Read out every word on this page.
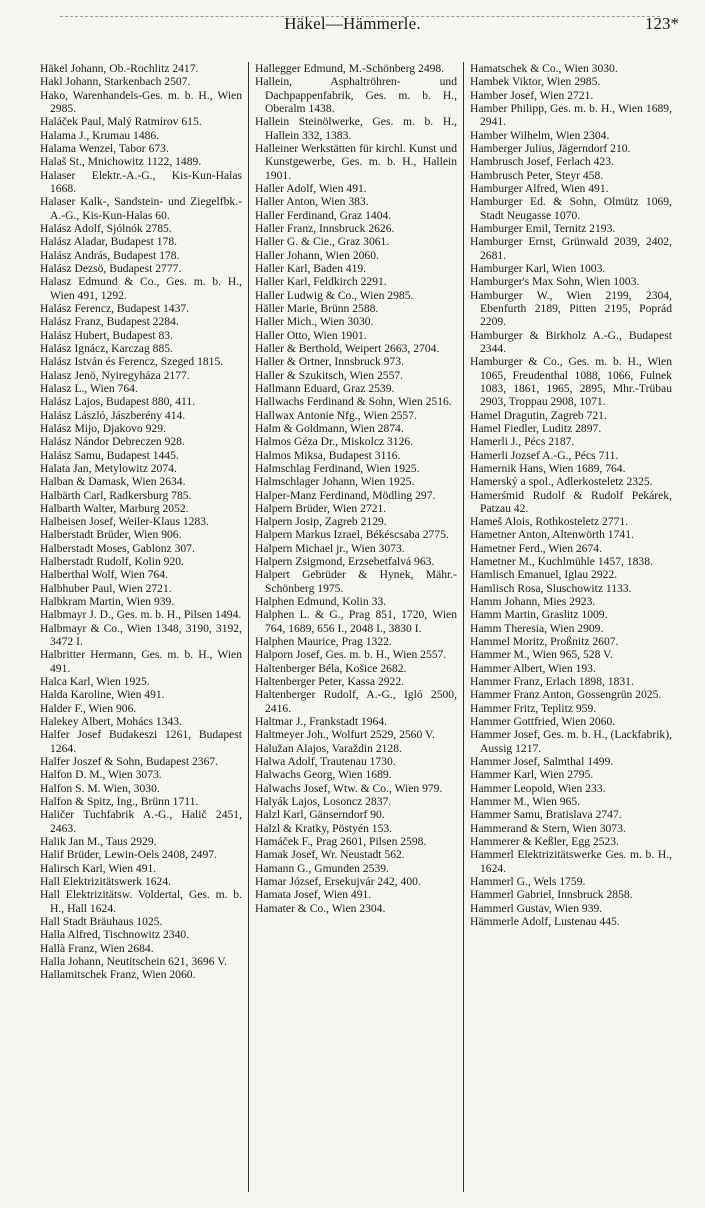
Häkel—Hämmerle.	123*
Häkel Johann, Ob.-Rochlitz 2417.
Hakl Johann, Starkenbach 2507.
Hako, Warenhandels-Ges. m. b. H., Wien 2985.
Haláček Paul, Malý Ratmírov 615.
Halama J., Krumau 1486.
Halama Wenzel, Tabor 673.
Halaš St., Mnichowitz 1122, 1489.
Halaser Elektr.-A.-G., Kis-Kun-Halas 1668.
Halaser Kalk-, Sandstein- und Ziegelfbk.-A.-G., Kis-Kun-Halas 60.
Halász Adolf, Sjólnók 2785.
Halász Aladar, Budapest 178.
Halász András, Budapest 178.
Halász Dezsö, Budapest 2777.
Halasz Edmund & Co., Ges. m. b. H., Wien 491, 1292.
Halász Ferencz, Budapest 1437.
Halász Franz, Budapest 2284.
Halász Hubert, Budapest 83.
Halász Ignácz, Karczag 885.
Halász István és Ferencz, Szeged 1815.
Halasz Jenö, Nyiregyháza 2177.
Halasz L., Wien 764.
Halász Lajos, Budapest 880, 411.
Halász László, Jászberény 414.
Halász Mijo, Djakovo 929.
Halász Nándor Debreczen 928.
Halász Samu, Budapest 1445.
Halata Jan, Metylowitz 2074.
Halban & Damask, Wien 2634.
Halbärth Carl, Radkersburg 785.
Halbarth Walter, Marburg 2052.
Halbeisen Josef, Weiler-Klaus 1283.
Halberstadt Brüder, Wien 906.
Halberstadt Moses, Gablonz 307.
Halberstadt Rudolf, Kolin 920.
Halberthal Wolf, Wien 764.
Halbhuber Paul, Wien 2721.
Halbkram Martin, Wien 939.
Halbmayr J. D., Ges. m. b. H., Pilsen 1494.
Halbmayr & Co., Wien 1348, 3190, 3192, 3472 I.
Halbritter Hermann, Ges. m. b. H., Wien 491.
Halca Karl, Wien 1925.
Halda Karoline, Wien 491.
Halder F., Wien 906.
Halekey Albert, Mohács 1343.
Halfer Josef Budakeszi 1261, Budapest 1264.
Halfer Joszef & Sohn, Budapest 2367.
Halfon D. M., Wien 3073.
Halfon S. M. Wien, 3030.
Halfon & Spitz, Ing., Brünn 1711.
Haličer Tuchfabrik A.-G., Halič 2451, 2463.
Halik Jan M., Taus 2929.
Halif Brüder, Lewin-Oels 2408, 2497.
Halirsch Karl, Wien 491.
Hall Elektrizitätswerk 1624.
Hall Elektrizitätsw. Voldertal, Ges. m. b. H., Hall 1624.
Hall Stadt Bräuhaus 1025.
Halla Alfred, Tischnowitz 2340.
Hallà Franz, Wien 2684.
Halla Johann, Neutitschein 621, 3696 V.
Hallamitschek Franz, Wien 2060.
Hallegger Edmund, M.-Schönberg 2498.
Hallein, Asphaltröhren- und Dachpappenfabrik, Ges. m. b. H., Oberalm 1438.
Hallein Steinölwerke, Ges. m. b. H., Hallein 332, 1383.
Halleiner Werkstätten für kirchl. Kunst und Kunstgewerbe, Ges. m. b. H., Hallein 1901.
Haller Adolf, Wien 491.
Haller Anton, Wien 383.
Haller Ferdinand, Graz 1404.
Haller Franz, Innsbruck 2626.
Haller G. & Cie., Graz 3061.
Haller Johann, Wien 2060.
Haller Karl, Baden 419.
Haller Karl, Feldkirch 2291.
Haller Ludwig & Co., Wien 2985.
Häller Marie, Brünn 2588.
Haller Mich., Wien 3030.
Haller Otto, Wien 1901.
Haller & Berthold, Weipert 2663, 2704.
Haller & Ortner, Innsbruck 973.
Haller & Szukitsch, Wien 2557.
Hallmann Eduard, Graz 2539.
Hallwachs Ferdinand & Sohn, Wien 2516.
Hallwax Antonie Nfg., Wien 2557.
Halm & Goldmann, Wien 2874.
Halmos Géza Dr., Miskolcz 3126.
Halmos Miksa, Budapest 3116.
Halmschlag Ferdinand, Wien 1925.
Halmschlager Johann, Wien 1925.
Halper-Manz Ferdinand, Mödling 297.
Halpern Brüder, Wien 2721.
Halpern Josip, Zagreb 2129.
Halpern Markus Izrael, Békéscsaba 2775.
Halpern Michael jr., Wien 3073.
Halpern Zsigmond, Erzsebetfalvá 963.
Halpert Gebrüder & Hynek, Mähr.-Schönberg 1975.
Halphen Edmund, Kolin 33.
Halphen L. & G., Prag 851, 1720, Wien 764, 1689, 656 I., 2048 I., 3830 I.
Halphen Maurice, Prag 1322.
Halporn Josef, Ges. m. b. H., Wien 2557.
Haltenberger Béla, Košice 2682.
Haltenberger Peter, Kassa 2922.
Haltenberger Rudolf, A.-G., Igló 2500, 2416.
Haltmar J., Frankstadt 1964.
Haltmeyer Joh., Wolfurt 2529, 2560 V.
Halužan Alajos, Varaždin 2128.
Halwa Adolf, Trautenau 1730.
Halwachs Georg, Wien 1689.
Halwachs Josef, Wtw. & Co., Wien 979.
Halyák Lajos, Losoncz 2837.
Halzl Karl, Gänserndorf 90.
Halzl & Kratky, Pöstyén 153.
Hamáček F., Prag 2601, Pilsen 2598.
Hamak Josef, Wr. Neustadt 562.
Hamann G., Gmunden 2539.
Hamar József, Ersekujvár 242, 400.
Hamata Josef, Wien 491.
Hamater & Co., Wien 2304.
Hamatschek & Co., Wien 3030.
Hambek Viktor, Wien 2985.
Hamber Josef, Wien 2721.
Hamber Philipp, Ges. m. b. H., Wien 1689, 2941.
Hamber Wilhelm, Wien 2304.
Hamberger Julius, Jägerndorf 210.
Hambrusch Josef, Ferlach 423.
Hambrusch Peter, Steyr 458.
Hamburger Alfred, Wien 491.
Hamburger Ed. & Sohn, Olmütz 1069, Stadt Neugasse 1070.
Hamburger Emil, Ternitz 2193.
Hamburger Ernst, Grünwald 2039, 2402, 2681.
Hamburger Karl, Wien 1003.
Hamburger's Max Sohn, Wien 1003.
Hamburger W., Wien 2199, 2304, Ebenfurth 2189, Pitten 2195, Poprád 2209.
Hamburger & Birkholz A.-G., Budapest 2344.
Hamburger & Co., Ges. m. b. H., Wien 1065, Freudenthal 1088, 1066, Fulnek 1083, 1861, 1965, 2895, Mhr.-Trübau 2903, Troppau 2908, 1071.
Hamel Dragutin, Zagreb 721.
Hamel Fiedler, Luditz 2897.
Hamerli J., Pécs 2187.
Hamerli Jozsef A.-G., Pécs 711.
Hamernik Hans, Wien 1689, 764.
Hamerský a spol., Adlerkosteletz 2325.
Hamerśmid Rudolf & Rudolf Pekárek, Patzau 42.
Hameš Alois, Rothkosteletz 2771.
Hametner Anton, Altenwörth 1741.
Hametner Ferd., Wien 2674.
Hametner M., Kuchlmühle 1457, 1838.
Hamlisch Emanuel, Iglau 2922.
Hamlisch Rosa, Sluschowitz 1133.
Hamm Johann, Mies 2923.
Hamm Martin, Graslitz 1009.
Hamm Theresia, Wien 2909.
Hammel Moritz, Proßnitz 2607.
Hammer M., Wien 965, 528 V.
Hammer Albert, Wien 193.
Hammer Franz, Erlach 1898, 1831.
Hammer Franz Anton, Gossengrün 2025.
Hammer Fritz, Teplitz 959.
Hammer Gottfried, Wien 2060.
Hammer Josef, Ges. m. b. H., (Lackfabrik), Aussig 1217.
Hammer Josef, Salmthal 1499.
Hammer Karl, Wien 2795.
Hammer Leopold, Wien 233.
Hammer M., Wien 965.
Hammer Samu, Bratislava 2747.
Hammerand & Stern, Wien 3073.
Hammerer & Keßler, Egg 2523.
Hammerl Elektrizitätswerke Ges. m. b. H., 1624.
Hammerl G., Wels 1759.
Hammerl Gabriel, Innsbruck 2858.
Hammerl Gustav, Wien 939.
Hämmerle Adolf, Lustenau 445.
